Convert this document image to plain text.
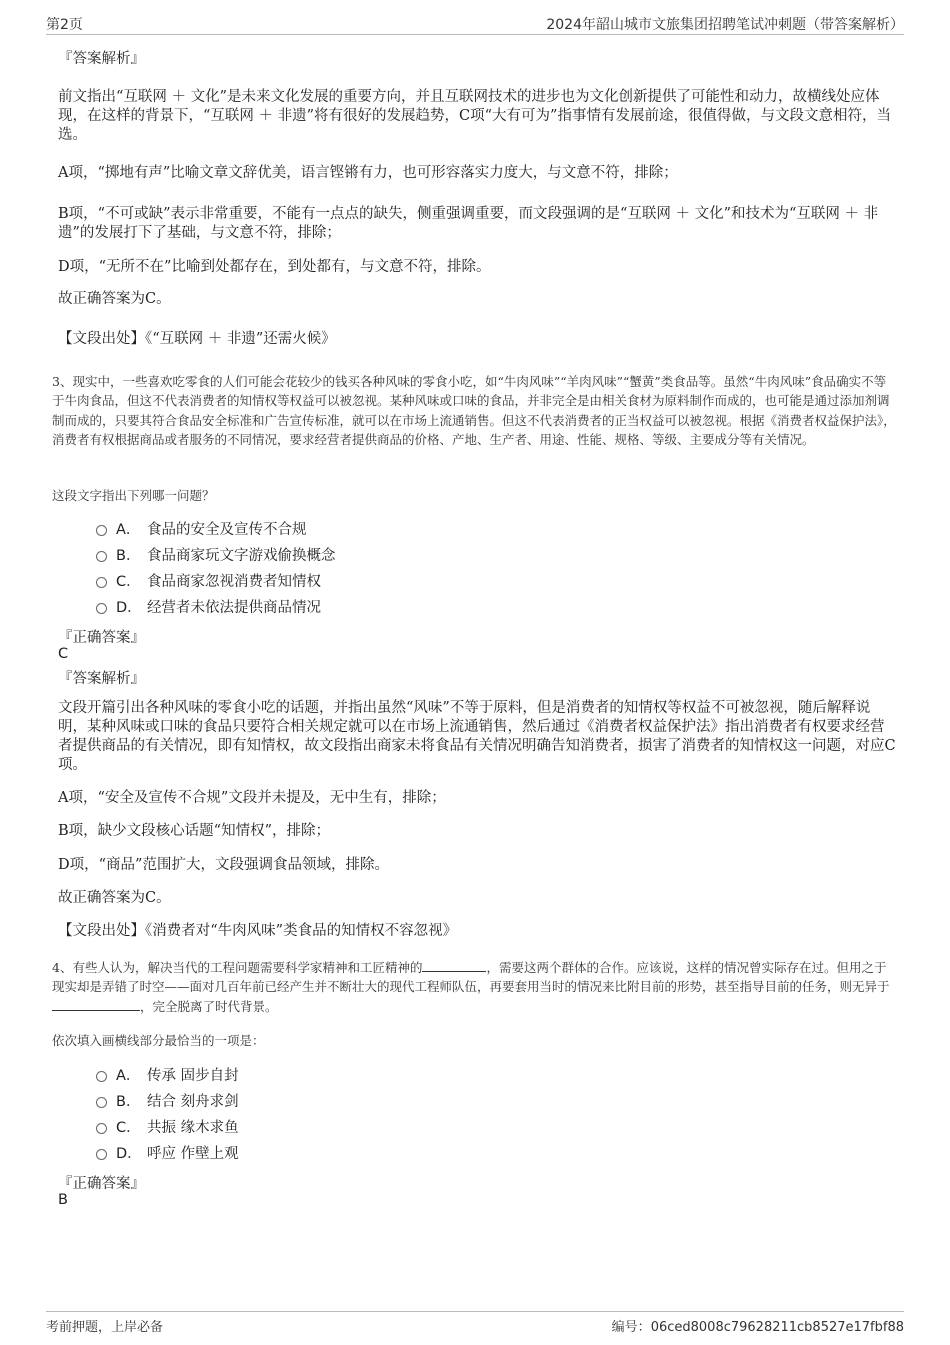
第2页	2024年韶山城市文旅集团招聘笔试冲刺题（带答案解析）
『答案解析』
前文指出“互联网 ＋ 文化”是未来文化发展的重要方向，并且互联网技术的进步也为文化创新提供了可能性和动力，故横线处应体现，在这样的背景下，“互联网 ＋ 非遗”将有很好的发展趋势，C项“大有可为”指事情有发展前途，很值得做，与文段文意相符，当选。
A项，“掷地有声”比喻文章文辞优美，语言铿锵有力，也可形容落实力度大，与文意不符，排除；
B项，“不可或缺”表示非常重要，不能有一点点的缺失，侧重强调重要，而文段强调的是“互联网 ＋ 文化”和技术为“互联网 ＋ 非遗”的发展打下了基础，与文意不符，排除；
D项，“无所不在”比喻到处都存在，到处都有，与文意不符，排除。
故正确答案为C。
【文段出处】《“互联网 ＋ 非遗”还需火候》
3、现实中，一些喜欢吃零食的人们可能会花较少的钱买各种风味的零食小吃，如“牛肉风味”“羊肉风味”“蟹黄”类食品等。虽然“牛肉风味”食品确实不等于牛肉食品，但这不代表消费者的知情权等权益可以被忽视。某种风味或口味的食品，并非完全是由相关食材为原料制作而成的，也可能是通过添加剂调制而成的，只要其符合食品安全标准和广告宣传标准，就可以在市场上流通销售。但这不代表消费者的正当权益可以被忽视。根据《消费者权益保护法》，消费者有权根据商品或者服务的不同情况，要求经营者提供商品的价格、产地、生产者、用途、性能、规格、等级、主要成分等有关情况。
这段文字指出下列哪一问题？
A． 食品的安全及宣传不合规
B． 食品商家玩文字游戏偷换概念
C． 食品商家忽视消费者知情权
D． 经营者未依法提供商品情况
『正确答案』
C
『答案解析』
文段开篇引出各种风味的零食小吃的话题，并指出虽然“风味”不等于原料，但是消费者的知情权等权益不可被忽视，随后解释说明，某种风味或口味的食品只要符合相关规定就可以在市场上流通销售，然后通过《消费者权益保护法》指出消费者有权要求经营者提供商品的有关情况，即有知情权，故文段指出商家未将食品有关情况明确告知消费者，损害了消费者的知情权这一问题，对应C项。
A项，“安全及宣传不合规”文段并未提及，无中生有，排除；
B项，缺少文段核心话题“知情权”，排除；
D项，“商品”范围扩大，文段强调食品领域，排除。
故正确答案为C。
【文段出处】《消费者对“牛肉风味”类食品的知情权不容忽视》
4、有些人认为，解决当代的工程问题需要科学家精神和工匠精神的	，需要这两个群体的合作。应该说，这样的情况曾实际存在过。但用之于现实却是弄错了时空——面对几百年前已经产生并不断壮大的现代工程师队伍，再要套用当时的情况来比附目前的形势，甚至指导目前的任务，则无异于，完全脱离了时代背景。
依次填入画横线部分最恰当的一项是：
A． 传承 固步自封
B． 结合 刻舟求剑
C． 共振 缘木求鱼
D． 呼应 作壁上观
『正确答案』
B
考前押题，上岸必备	编号：06ced8008c79628211cb8527e17fbf88
